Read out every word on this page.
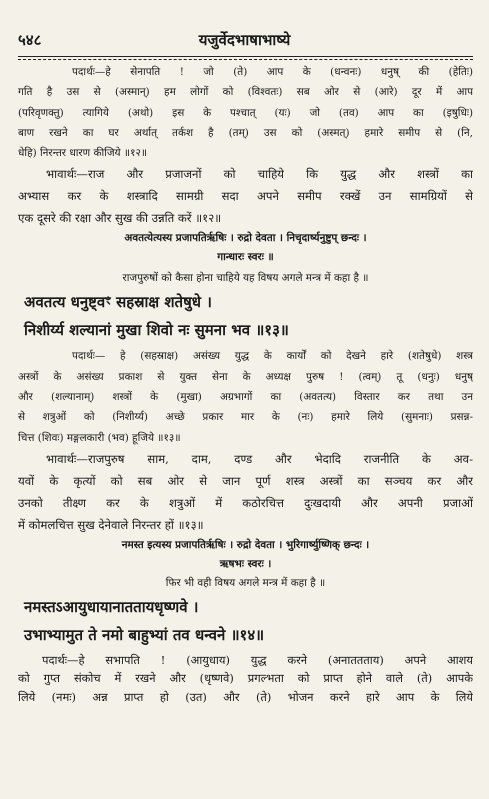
५४८	यजुर्वेदभाषाभाष्ये

पदार्थः—हे सेनापति ! जो (ते) आप के (धन्वनः) धनुष् की (हेतिः)

गति है उस से (अस्मान्) हम लोगों को (विश्वतः) सब ओर से (आरे) दूर में आप

(परिवृणक्तु) त्यागिये (अथो) इस के पश्चात् (यः) जो (तव) आप का (इषुधिः)

बाण रखने का घर अर्थात् तर्कश है (तम्) उस को (अस्मत्) हमारे समीप से (नि,

धेहि) निरन्तर धारण कीजिये ॥१२॥

भावार्थः—राज और प्रजाजनों को चाहिये कि युद्ध और शस्त्रों का

अभ्यास कर के शस्त्रादि सामग्री सदा अपने समीप रक्खें उन सामग्रियों से

एक दूसरे की रक्षा और सुख की उन्नति करें ॥१२॥

अवतत्येत्यस्य प्रजापतिर्ऋषिः । रुद्रो देवता । निचृदार्ष्यनुष्टुप् छन्दः ।

गान्धारः स्वरः ॥

राजपुरुषों को कैसा होना चाहिये यह विषय अगले मन्त्र में कहा है ॥

अवतत्य धनुष्ट्वꣳ सहस्राक्ष शतेषुधे ।

निशीर्य्य शल्यानां मुखा शिवो नः सुमना भव ॥१३॥

पदार्थः— हे (सहस्राक्ष) असंख्य युद्ध के कार्यों को देखने हारे (शतेषुधे) शस्त्र

अस्त्रों के असंख्य प्रकाश से युक्त सेना के अध्यक्ष पुरुष ! (त्वम्) तू (धनुः) धनुष्

और (शल्यानाम्) शस्त्रों के (मुखा) अग्रभागों का (अवतत्य) विस्तार कर तथा उन

से शत्रुओं को (निशीर्य्य) अच्छे प्रकार मार के (नः) हमारे लिये (सुमनाः) प्रसन्न-

चित्त (शिवः) मङ्गलकारी (भव) हूजिये ॥१३॥

भावार्थः—राजपुरुष साम, दाम, दण्ड और भेदादि राजनीति के अव-

यवों के कृत्यों को सब ओर से जान पूर्ण शस्त्र अस्त्रों का सञ्चय कर और

उनको तीक्ष्ण कर के शत्रुओं में कठोरचित्त दुःखदायी और अपनी प्रजाओं

में कोमलचित्त सुख देनेवाले निरन्तर हों ॥१३॥

नमस्त इत्यस्य प्रजापतिर्ऋषिः । रुद्रो देवता । भुरिगार्ष्युष्णिक् छन्दः ।

ऋषभः स्वरः ।

फिर भी वही विषय अगले मन्त्र में कहा है ॥

नमस्तऽआयुधायानाततायधृष्णवे ।

उभाभ्यामुत ते नमो बाहुभ्यां तव धन्वने ॥१४॥

पदार्थः—हे सभापति ! (आयुधाय) युद्ध करने (अनाततताय) अपने आशय

को गुप्त संकोच में रखने और (धृष्णवे) प्रगल्भता को प्राप्त होने वाले (ते) आपके

लिये (नमः) अन्न प्राप्त हो (उत) और (ते) भोजन करने हारे आप के लिये
